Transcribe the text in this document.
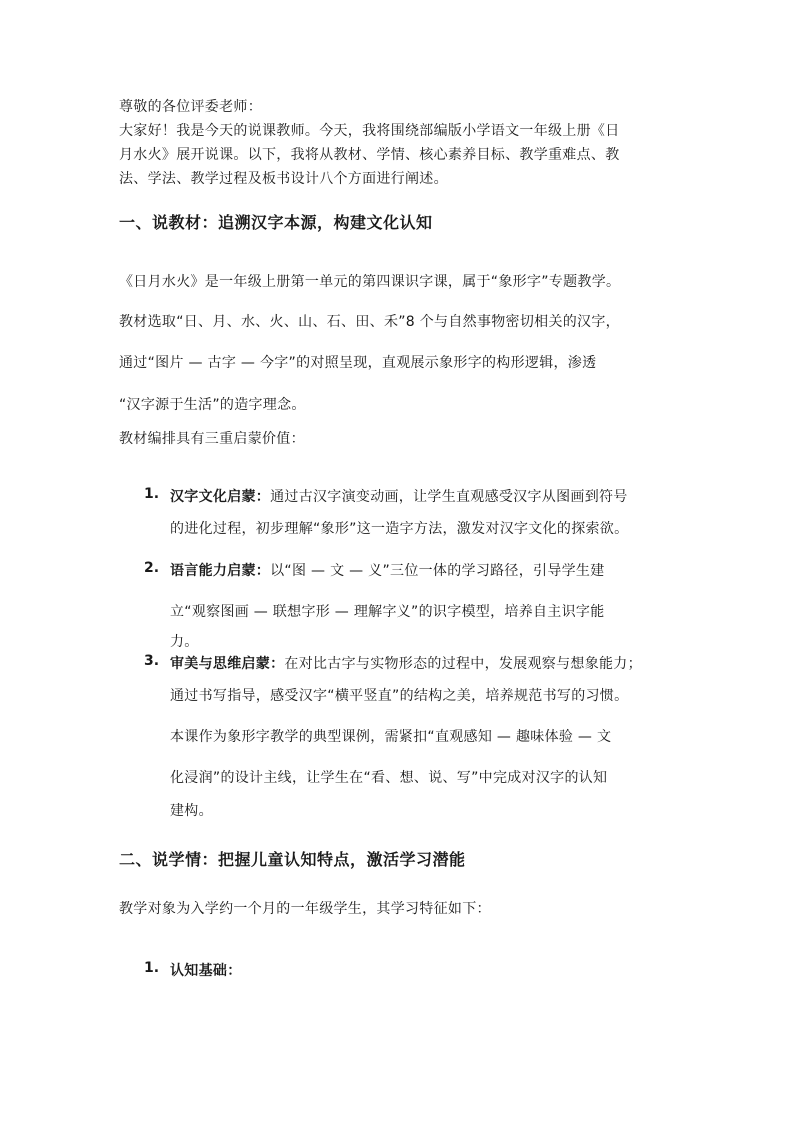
尊敬的各位评委老师：
大家好！我是今天的说课教师。今天，我将围绕部编版小学语文一年级上册《日
月水火》展开说课。以下，我将从教材、学情、核心素养目标、教学重难点、教
法、学法、教学过程及板书设计八个方面进行阐述。
一、说教材：追溯汉字本源，构建文化认知
《日月水火》是一年级上册第一单元的第四课识字课，属于“象形字”专题教学。
教材选取“日、月、水、火、山、石、田、禾”8 个与自然事物密切相关的汉字，
通过“图片 — 古字 — 今字”的对照呈现，直观展示象形字的构形逻辑，渗透
“汉字源于生活”的造字理念。
教材编排具有三重启蒙价值：
1. 汉字文化启蒙：通过古汉字演变动画，让学生直观感受汉字从图画到符号
的进化过程，初步理解“象形”这一造字方法，激发对汉字文化的探索欲。
2. 语言能力启蒙：以“图 — 文 — 义”三位一体的学习路径，引导学生建
立“观察图画 — 联想字形 — 理解字义”的识字模型，培养自主识字能
力。
3. 审美与思维启蒙：在对比古字与实物形态的过程中，发展观察与想象能力；
通过书写指导，感受汉字“横平竖直”的结构之美，培养规范书写的习惯。
本课作为象形字教学的典型课例，需紧扣“直观感知 — 趣味体验 — 文
化浸润”的设计主线，让学生在“看、想、说、写”中完成对汉字的认知
建构。
二、说学情：把握儿童认知特点，激活学习潜能
教学对象为入学约一个月的一年级学生，其学习特征如下：
1. 认知基础：
